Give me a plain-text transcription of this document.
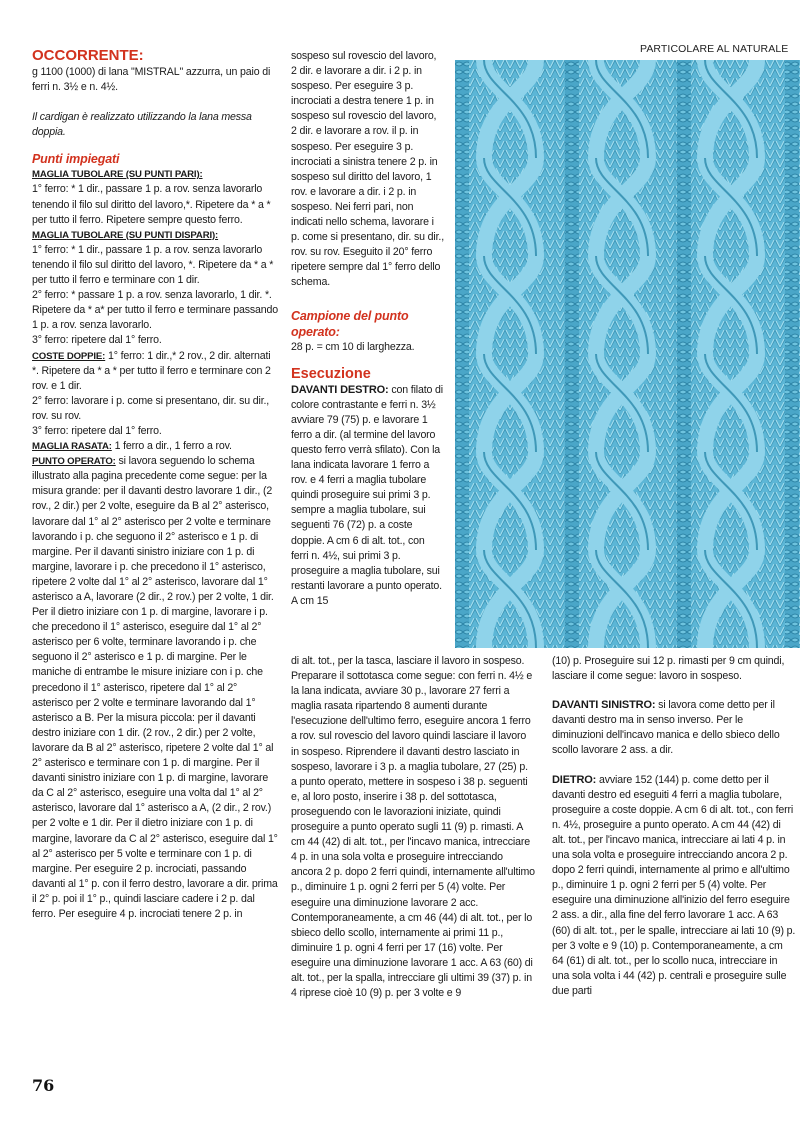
PARTICOLARE AL NATURALE

OCCORRENTE:

g 1100 (1000) di lana "MISTRAL" azzurra, un paio di ferri n. 3½ e n. 4½.

Il cardigan è realizzato utilizzando la lana messa doppia.

Punti impiegati

MAGLIA TUBOLARE (SU PUNTI PARI):

1° ferro: * 1 dir., passare 1 p. a rov. senza lavorarlo tenendo il filo sul diritto del lavoro,*. Ripetere da * a * per tutto il ferro. Ripetere sempre questo ferro.

MAGLIA TUBOLARE (SU PUNTI DISPARI):

1° ferro: * 1 dir., passare 1 p. a rov. senza lavorarlo tenendo il filo sul diritto del lavoro, *. Ripetere da * a * per tutto il ferro e terminare con 1 dir.

2° ferro: * passare 1 p. a rov. senza lavorarlo, 1 dir. *. Ripetere da * a* per tutto il ferro e terminare passando 1 p. a rov. senza lavorarlo.

3° ferro: ripetere dal 1° ferro.

COSTE DOPPIE: 1° ferro: 1 dir.,* 2 rov., 2 dir. alternati *. Ripetere da * a * per tutto il ferro e terminare con 2 rov. e 1 dir.

2° ferro: lavorare i p. come si presentano, dir. su dir., rov. su rov.

3° ferro: ripetere dal 1° ferro.

MAGLIA RASATA: 1 ferro a dir., 1 ferro a rov.

PUNTO OPERATO: si lavora seguendo lo schema illustrato alla pagina precedente come segue: per la misura grande: per il davanti destro lavorare 1 dir., (2 rov., 2 dir.) per 2 volte, eseguire da B al 2° asterisco, lavorare dal 1° al 2° asterisco per 2 volte e terminare lavorando i p. che seguono il 2° asterisco e 1 p. di margine. Per il davanti sinistro iniziare con 1 p. di margine, lavorare i p. che precedono il 1° asterisco, ripetere 2 volte dal 1° al 2° asterisco, lavorare dal 1° asterisco a A, lavorare (2 dir., 2 rov.) per 2 volte, 1 dir. Per il dietro iniziare con 1 p. di margine, lavorare i p. che precedono il 1° asterisco, eseguire dal 1° al 2° asterisco per 6 volte, terminare lavorando i p. che seguono il 2° asterisco e 1 p. di margine. Per le maniche di entrambe le misure iniziare con i p. che precedono il 1° asterisco, ripetere dal 1° al 2° asterisco per 2 volte e terminare lavorando dal 1° asterisco a B. Per la misura piccola: per il davanti destro iniziare con 1 dir. (2 rov., 2 dir.) per 2 volte, lavorare da B al 2° asterisco, ripetere 2 volte dal 1° al 2° asterisco e terminare con 1 p. di margine. Per il davanti sinistro iniziare con 1 p. di margine, lavorare da C al 2° asterisco, eseguire una volta dal 1° al 2° asterisco, lavorare dal 1° asterisco a A, (2 dir., 2 rov.) per 2 volte e 1 dir. Per il dietro iniziare con 1 p. di margine, lavorare da C al 2° asterisco, eseguire dal 1° al 2° asterisco per 5 volte e terminare con 1 p. di margine. Per eseguire 2 p. incrociati, passando davanti al 1° p. con il ferro destro, lavorare a dir. prima il 2° p. poi il 1° p., quindi lasciare cadere i 2 p. dal ferro. Per eseguire 4 p. incrociati tenere 2 p. in

sospeso sul rovescio del lavoro, 2 dir. e lavorare a dir. i 2 p. in sospeso. Per eseguire 3 p. incrociati a destra tenere 1 p. in sospeso sul rovescio del lavoro, 2 dir. e lavorare a rov. il p. in sospeso. Per eseguire 3 p. incrociati a sinistra tenere 2 p. in sospeso sul diritto del lavoro, 1 rov. e lavorare a dir. i 2 p. in sospeso. Nei ferri pari, non indicati nello schema, lavorare i p. come si presentano, dir. su dir., rov. su rov. Eseguito il 20° ferro ripetere sempre dal 1° ferro dello schema.

Campione del punto operato:

28 p. = cm 10 di larghezza.

Esecuzione

DAVANTI DESTRO: con filato di colore contrastante e ferri n. 3½ avviare 79 (75) p. e lavorare 1 ferro a dir. (al termine del lavoro questo ferro verrà sfilato). Con la lana indicata lavorare 1 ferro a rov. e 4 ferri a maglia tubolare quindi proseguire sui primi 3 p. sempre a maglia tubolare, sui seguenti 76 (72) p. a coste doppie. A cm 6 di alt. tot., con ferri n. 4½, sui primi 3 p. proseguire a maglia tubolare, sui restanti lavorare a punto operato. A cm 15

di alt. tot., per la tasca, lasciare il lavoro in sospeso. Preparare il sottotasca come segue: con ferri n. 4½ e la lana indicata, avviare 30 p., lavorare 27 ferri a maglia rasata ripartendo 8 aumenti durante l'esecuzione dell'ultimo ferro, eseguire ancora 1 ferro a rov. sul rovescio del lavoro quindi lasciare il lavoro in sospeso. Riprendere il davanti destro lasciato in sospeso, lavorare i 3 p. a maglia tubolare, 27 (25) p. a punto operato, mettere in sospeso i 38 p. seguenti e, al loro posto, inserire i 38 p. del sottotasca, proseguendo con le lavorazioni iniziate, quindi proseguire a punto operato sugli 11 (9) p. rimasti. A cm 44 (42) di alt. tot., per l'incavo manica, intrecciare 4 p. in una sola volta e proseguire intrecciando ancora 2 p. dopo 2 ferri quindi, internamente all'ultimo p., diminuire 1 p. ogni 2 ferri per 5 (4) volte. Per eseguire una diminuzione lavorare 2 acc. Contemporaneamente, a cm 46 (44) di alt. tot., per lo sbieco dello scollo, internamente ai primi 11 p., diminuire 1 p. ogni 4 ferri per 17 (16) volte. Per eseguire una diminuzione lavorare 1 acc. A 63 (60) di alt. tot., per la spalla, intrecciare gli ultimi 39 (37) p. in 4 riprese cioè 10 (9) p. per 3 volte e 9

(10) p. Proseguire sui 12 p. rimasti per 9 cm quindi, lasciare il come segue: lavoro in sospeso.

DAVANTI SINISTRO: si lavora come detto per il davanti destro ma in senso inverso. Per le diminuzioni dell'incavo manica e dello sbieco dello scollo lavorare 2 ass. a dir.

DIETRO: avviare 152 (144) p. come detto per il davanti destro ed eseguiti 4 ferri a maglia tubolare, proseguire a coste doppie. A cm 6 di alt. tot., con ferri n. 4½, proseguire a punto operato. A cm 44 (42) di alt. tot., per l'incavo manica, intrecciare ai lati 4 p. in una sola volta e proseguire intrecciando ancora 2 p. dopo 2 ferri quindi, internamente al primo e all'ultimo p., diminuire 1 p. ogni 2 ferri per 5 (4) volte. Per eseguire una diminuzione all'inizio del ferro eseguire 2 ass. a dir., alla fine del ferro lavorare 1 acc. A 63 (60) di alt. tot., per le spalle, intrecciare ai lati 10 (9) p. per 3 volte e 9 (10) p. Contemporaneamente, a cm 64 (61) di alt. tot., per lo scollo nuca, intrecciare in una sola volta i 44 (42) p. centrali e proseguire sulle due parti

76
